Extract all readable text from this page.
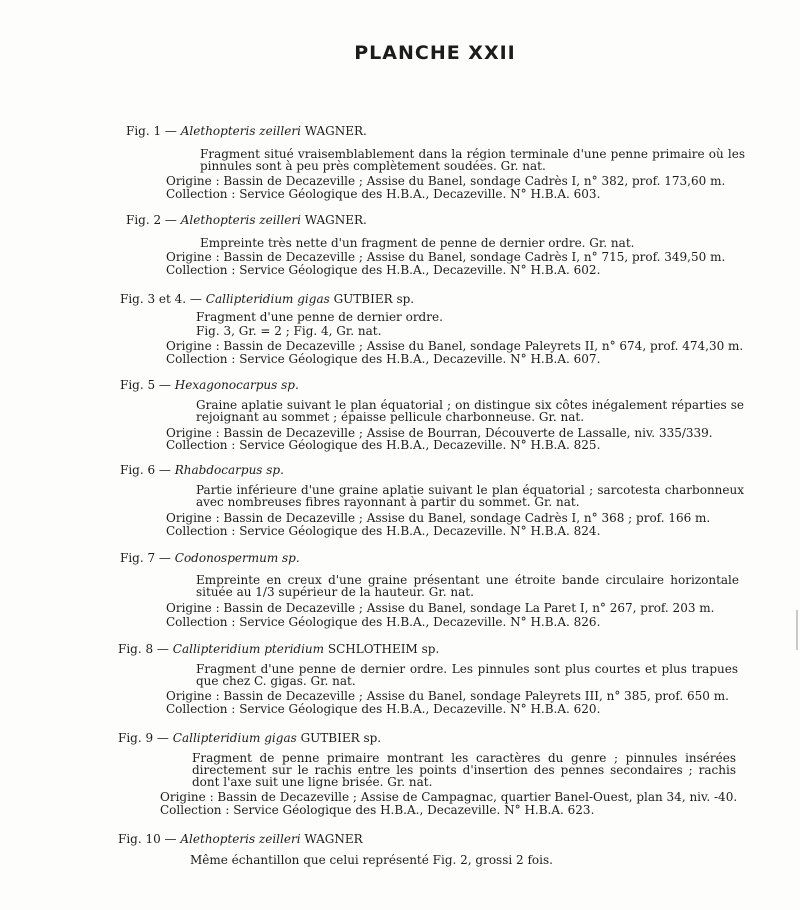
PLANCHE XXII
Fig. 1 — Alethopteris zeilleri WAGNER.
Fragment situé vraisemblablement dans la région terminale d'une penne primaire où les pinnules sont à peu près complètement soudées. Gr. nat.
Origine : Bassin de Decazeville ; Assise du Banel, sondage Cadrès I, n° 382, prof. 173,60 m.
Collection : Service Géologique des H.B.A., Decazeville. N° H.B.A. 603.
Fig. 2 — Alethopteris zeilleri WAGNER.
Empreinte très nette d'un fragment de penne de dernier ordre. Gr. nat.
Origine : Bassin de Decazeville ; Assise du Banel, sondage Cadrès I, n° 715, prof. 349,50 m.
Collection : Service Géologique des H.B.A., Decazeville. N° H.B.A. 602.
Fig. 3 et 4. — Callipteridium gigas GUTBIER sp.
Fragment d'une penne de dernier ordre.
Fig. 3, Gr. = 2 ; Fig. 4, Gr. nat.
Origine : Bassin de Decazeville ; Assise du Banel, sondage Paleyrets II, n° 674, prof. 474,30 m.
Collection : Service Géologique des H.B.A., Decazeville. N° H.B.A. 607.
Fig. 5 — Hexagonocarpus sp.
Graine aplatie suivant le plan équatorial ; on distingue six côtes inégalement réparties se rejoignant au sommet ; épaisse pellicule charbonneuse. Gr. nat.
Origine : Bassin de Decazeville ; Assise de Bourran, Découverte de Lassalle, niv. 335/339.
Collection : Service Géologique des H.B.A., Decazeville. N° H.B.A. 825.
Fig. 6 — Rhabdocarpus sp.
Partie inférieure d'une graine aplatie suivant le plan équatorial ; sarcotesta charbonneux avec nombreuses fibres rayonnant à partir du sommet. Gr. nat.
Origine : Bassin de Decazeville ; Assise du Banel, sondage Cadrès I, n° 368 ; prof. 166 m.
Collection : Service Géologique des H.B.A., Decazeville. N° H.B.A. 824.
Fig. 7 — Codonospermum sp.
Empreinte en creux d'une graine présentant une étroite bande circulaire horizontale située au 1/3 supérieur de la hauteur. Gr. nat.
Origine : Bassin de Decazeville ; Assise du Banel, sondage La Paret I, n° 267, prof. 203 m.
Collection : Service Géologique des H.B.A., Decazeville. N° H.B.A. 826.
Fig. 8 — Callipteridium pteridium SCHLOTHEIM sp.
Fragment d'une penne de dernier ordre. Les pinnules sont plus courtes et plus trapues que chez C. gigas. Gr. nat.
Origine : Bassin de Decazeville ; Assise du Banel, sondage Paleyrets III, n° 385, prof. 650 m.
Collection : Service Géologique des H.B.A., Decazeville. N° H.B.A. 620.
Fig. 9 — Callipteridium gigas GUTBIER sp.
Fragment de penne primaire montrant les caractères du genre ; pinnules insérées directement sur le rachis entre les points d'insertion des pennes secondaires ; rachis dont l'axe suit une ligne brisée. Gr. nat.
Origine : Bassin de Decazeville ; Assise de Campagnac, quartier Banel-Ouest, plan 34, niv. -40.
Collection : Service Géologique des H.B.A., Decazeville. N° H.B.A. 623.
Fig. 10 — Alethopteris zeilleri WAGNER
Même échantillon que celui représenté Fig. 2, grossi 2 fois.
